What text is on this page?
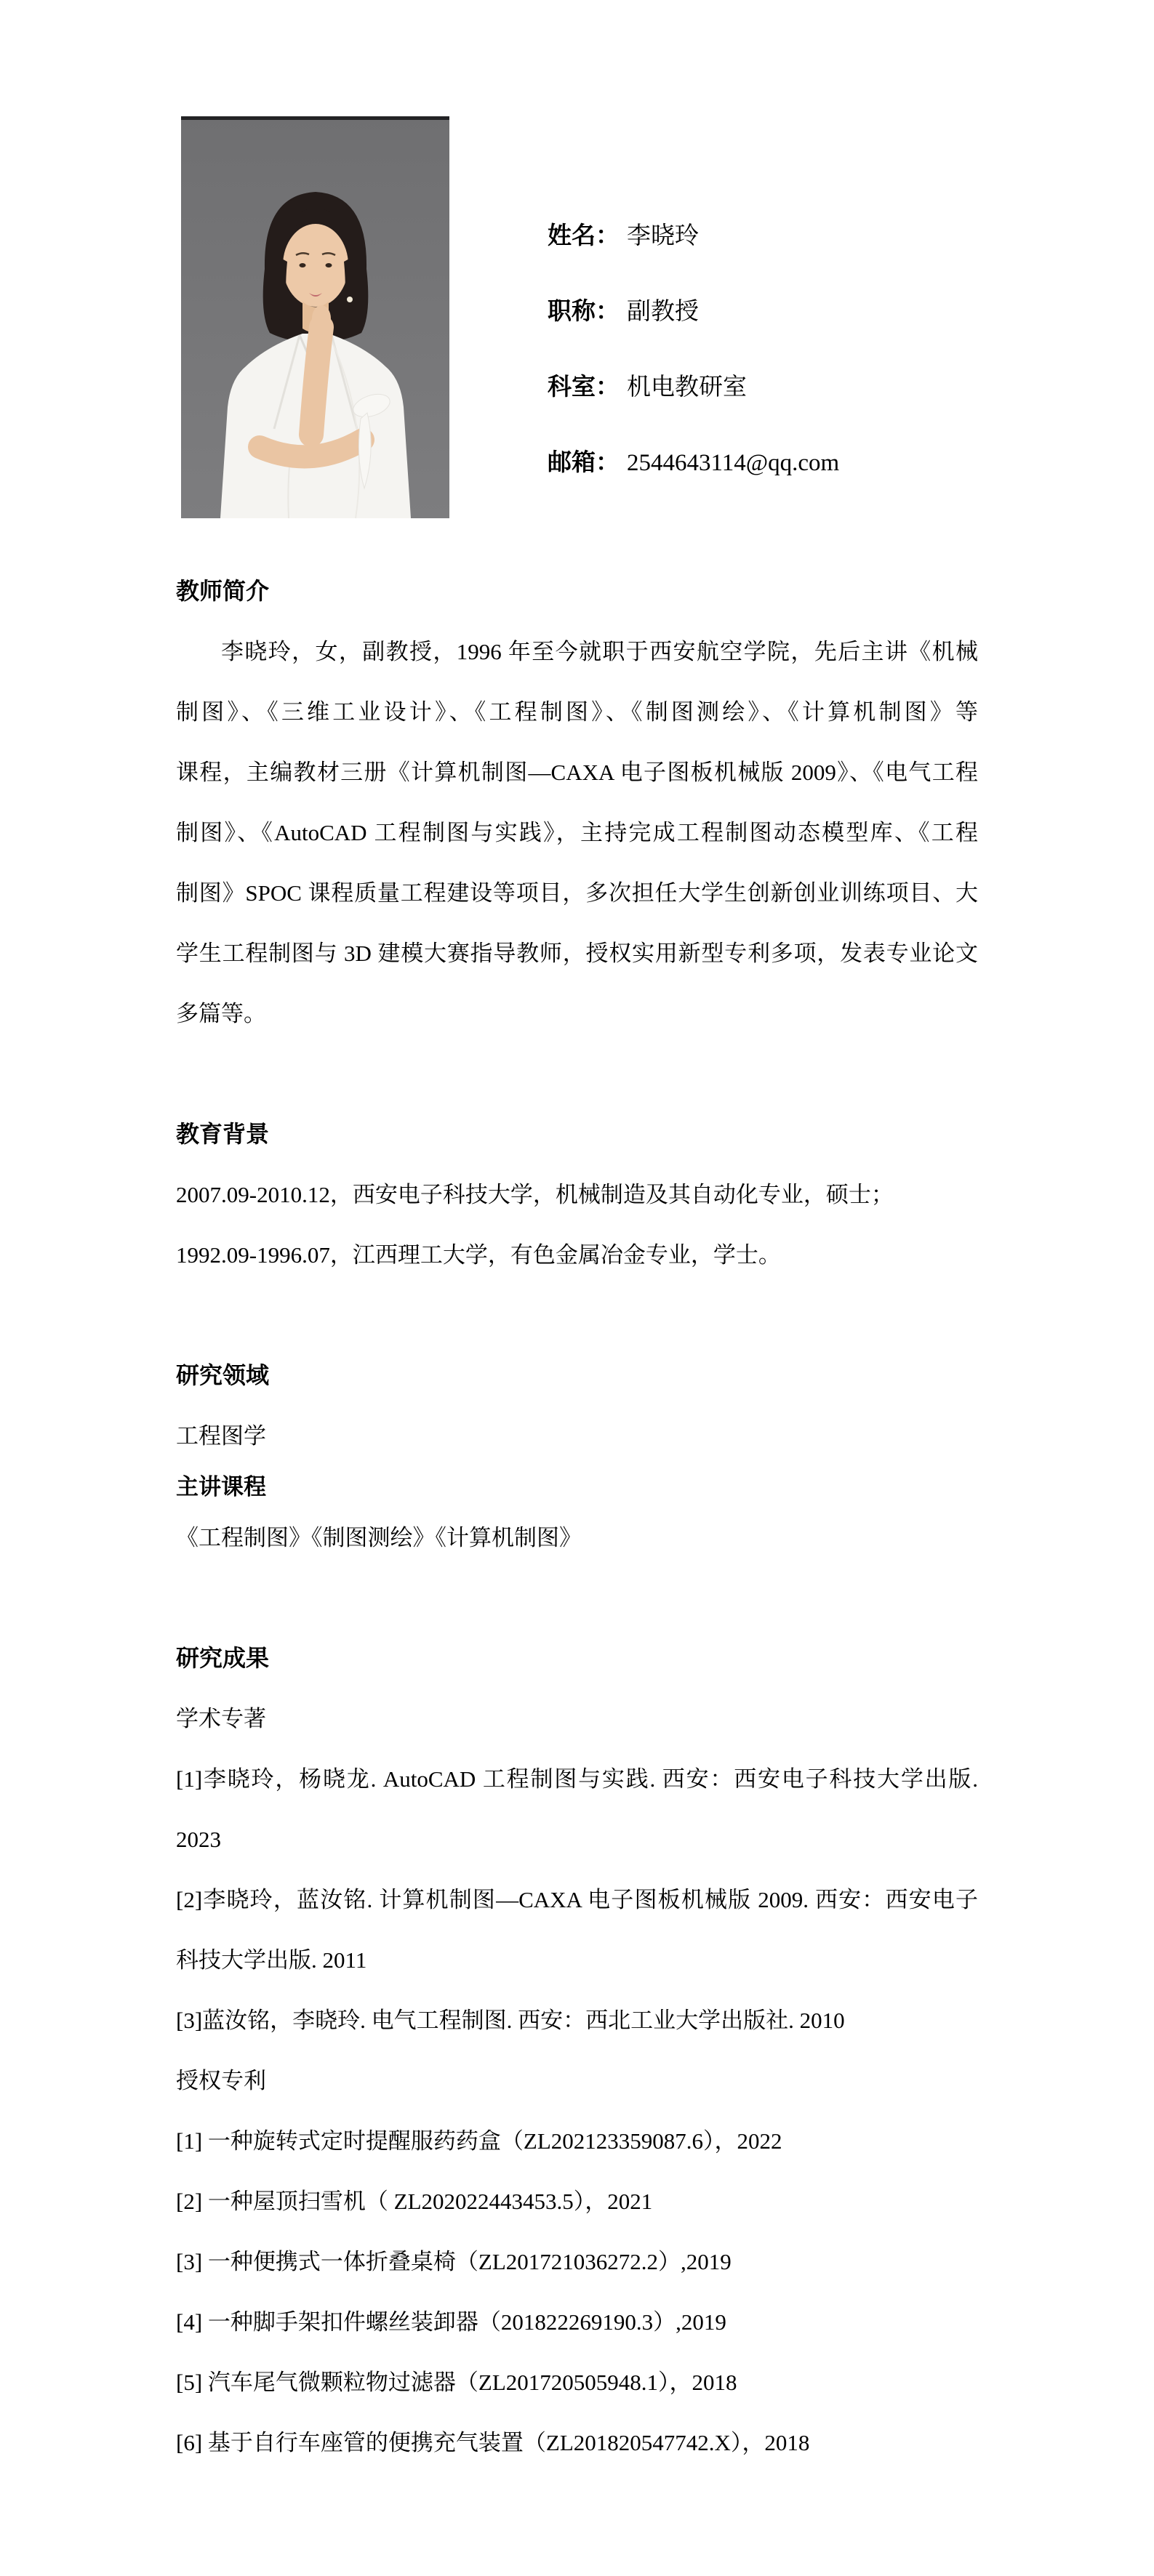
姓名： 李晓玲
职称： 副教授
科室： 机电教研室
邮箱： 2544643114@qq.com
教师简介
李晓玲，女，副教授，1996 年至今就职于西安航空学院，先后主讲《机械
制图》、《三维工业设计》、《工程制图》、《制图测绘》、《计算机制图》等
课程，主编教材三册《计算机制图—CAXA 电子图板机械版 2009》、《电气工程
制图》、《AutoCAD 工程制图与实践》，主持完成工程制图动态模型库、《工程
制图》SPOC 课程质量工程建设等项目，多次担任大学生创新创业训练项目、大
学生工程制图与 3D 建模大赛指导教师，授权实用新型专利多项，发表专业论文
多篇等。
教育背景
2007.09-2010.12，西安电子科技大学，机械制造及其自动化专业，硕士；
1992.09-1996.07，江西理工大学，有色金属冶金专业，学士。
研究领域
工程图学
主讲课程
《工程制图》《制图测绘》《计算机制图》
研究成果
学术专著
[1]李晓玲，杨晓龙. AutoCAD 工程制图与实践. 西安：西安电子科技大学出版.
2023
[2]李晓玲，蓝汝铭. 计算机制图—CAXA 电子图板机械版 2009. 西安：西安电子
科技大学出版. 2011
[3]蓝汝铭，李晓玲. 电气工程制图. 西安：西北工业大学出版社. 2010
授权专利
[1] 一种旋转式定时提醒服药药盒（ZL202123359087.6），2022
[2] 一种屋顶扫雪机（ ZL202022443453.5），2021
[3] 一种便携式一体折叠桌椅（ZL201721036272.2）,2019
[4] 一种脚手架扣件螺丝装卸器（201822269190.3）,2019
[5] 汽车尾气微颗粒物过滤器（ZL201720505948.1），2018
[6] 基于自行车座管的便携充气装置（ZL201820547742.X），2018
